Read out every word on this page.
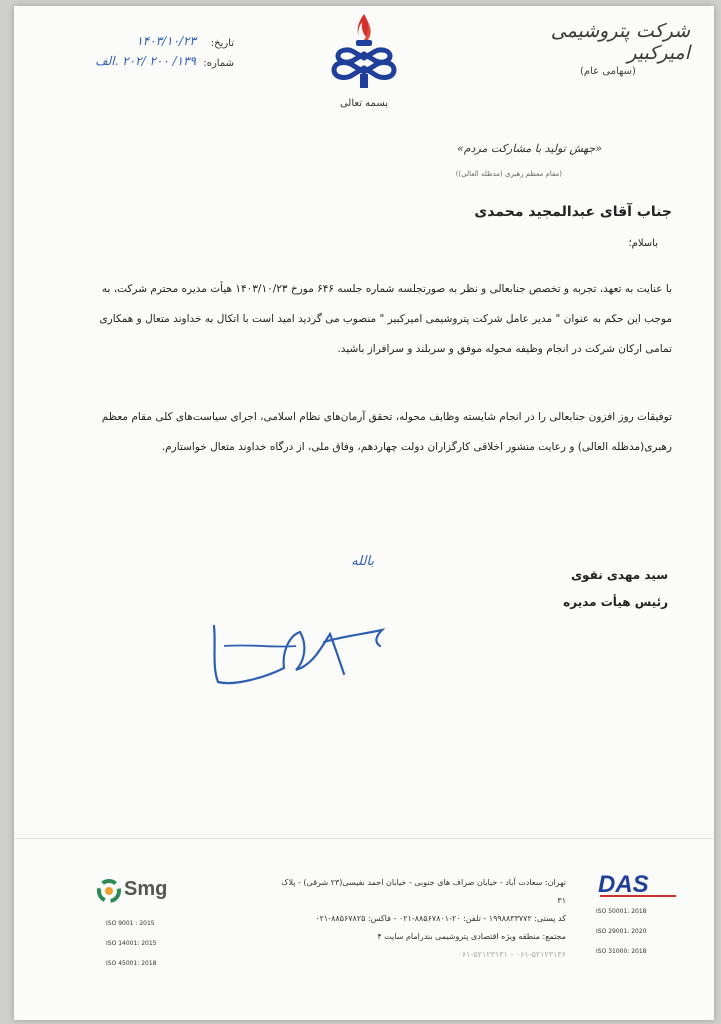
شرکت پتروشیمی امیرکبیر
(سهامی عام)
بسمه تعالی
تاریخ:
۱۴۰۳/۱۰/۲۳
شماره:
۱۳۹/ ۲۰۰ /۲۰۲ .الف
«جهش تولید با مشارکت مردم»
(مقام معظم رهبری (مدظله العالی))
جناب آقای عبدالمجید محمدی
باسلام؛
با عنایت به تعهد، تجربه و تخصص جنابعالی و نظر به صورتجلسه شماره جلسه ۶۴۶ مورخ ۱۴۰۳/۱۰/۲۳ هیأت مدیره محترم شرکت، به موجب این حکم به عنوان " مدیر عامل شرکت پتروشیمی امیرکبیر " منصوب می گردید امید است با اتکال به خداوند متعال و همکاری تمامی ارکان شرکت در انجام وظیفه محوله موفق و سربلند و سرافراز باشید.
توفیقات روز افزون جنابعالی را در انجام شایسته وظایف محوله، تحقق آرمان‌های نظام اسلامی، اجرای سیاست‌های کلی مقام معظم رهبری(مدظله العالی) و رعایت منشور اخلاقی کارگزاران دولت چهاردهم، وفاق ملی، از درگاه خداوند متعال خواستارم.
بالله
سید مهدی نقوی
رئیس هیأت مدیره
Smg
ISO 9001 : 2015
ISO 14001: 2015
ISO 45001: 2018
تهران: سعادت آباد - خیابان صراف های جنوبی - خیابان احمد نفیسی(۲۳ شرقی) - پلاک ۳۱
کد پستی: ۱۹۹۸۸۳۳۷۷۲ - تلفن: ۲۰-۸۸۵۶۷۸۰۱-۰۲۱ - فاکس: ۸۸۵۶۷۸۲۵-۰۲۱
مجتمع: منطقه ویژه اقتصادی پتروشیمی بندرامام سایت ۴
۰۶۱-۵۲۱۲۳۱۳۶ - ۰۶۱-۵۲۱۲۳۱۳۱
DAS
ISO 50001: 2018
ISO 29001: 2020
ISO 31000: 2018
